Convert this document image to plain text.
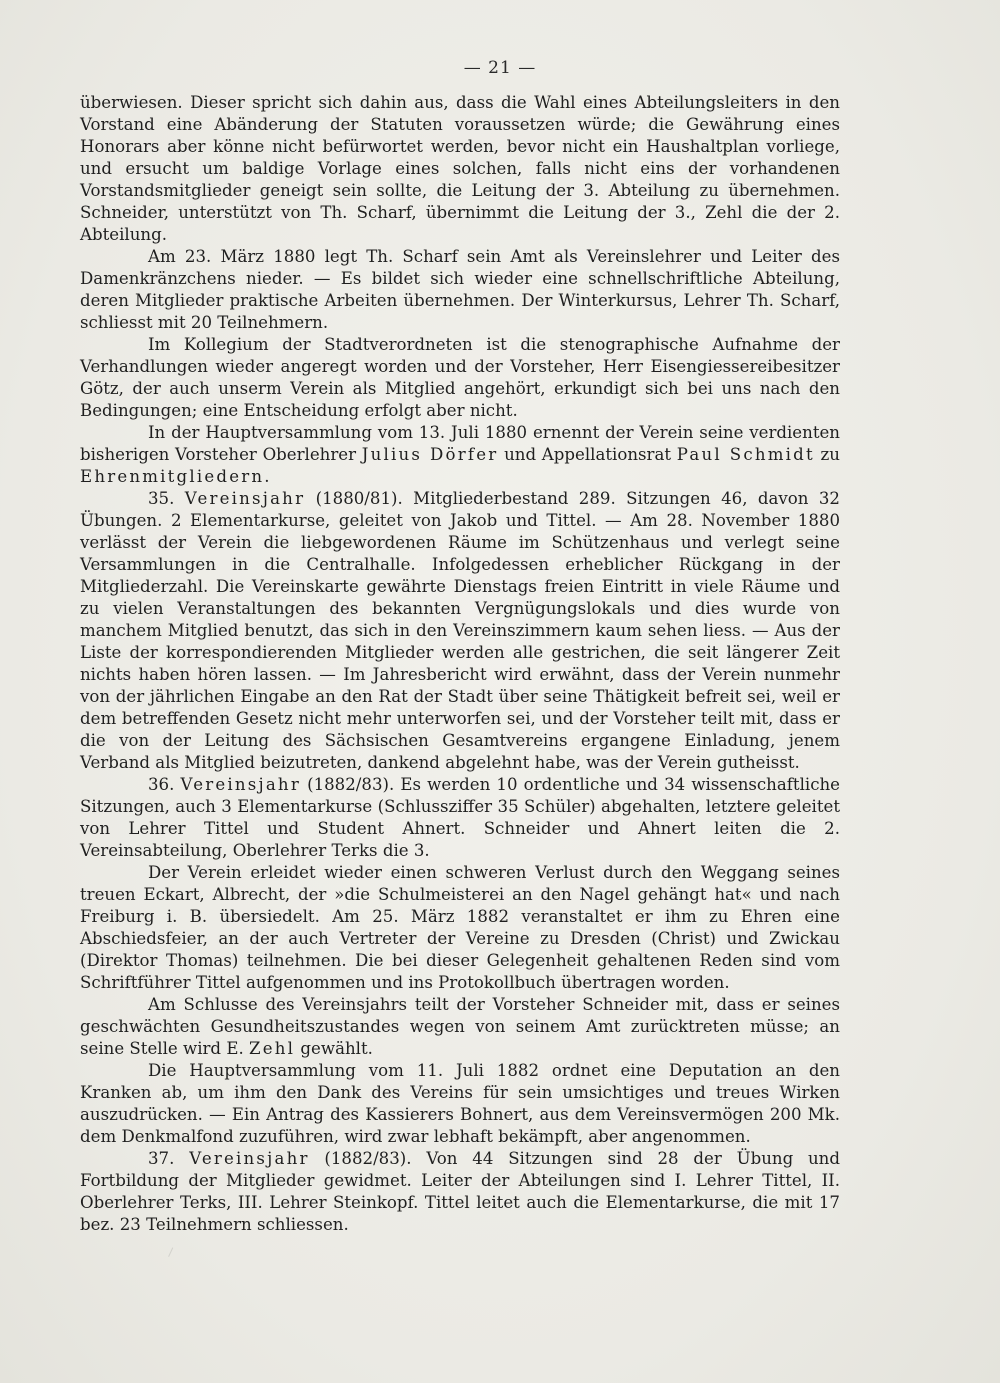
— 21 —

überwiesen. Dieser spricht sich dahin aus, dass die Wahl eines Abteilungsleiters in den Vorstand eine Abänderung der Statuten voraussetzen würde; die Gewährung eines Honorars aber könne nicht befürwortet werden, bevor nicht ein Haushaltplan vorliege, und ersucht um baldige Vorlage eines solchen, falls nicht eins der vorhandenen Vorstandsmitglieder geneigt sein sollte, die Leitung der 3. Abteilung zu übernehmen. Schneider, unterstützt von Th. Scharf, übernimmt die Leitung der 3., Zehl die der 2. Abteilung.

Am 23. März 1880 legt Th. Scharf sein Amt als Vereinslehrer und Leiter des Damenkränzchens nieder. — Es bildet sich wieder eine schnellschriftliche Abteilung, deren Mitglieder praktische Arbeiten übernehmen. Der Winterkursus, Lehrer Th. Scharf, schliesst mit 20 Teilnehmern.

Im Kollegium der Stadtverordneten ist die stenographische Aufnahme der Verhandlungen wieder angeregt worden und der Vorsteher, Herr Eisengiessereibesitzer Götz, der auch unserm Verein als Mitglied angehört, erkundigt sich bei uns nach den Bedingungen; eine Entscheidung erfolgt aber nicht.

In der Hauptversammlung vom 13. Juli 1880 ernennt der Verein seine verdienten bisherigen Vorsteher Oberlehrer Julius Dörfer und Appellationsrat Paul Schmidt zu Ehrenmitgliedern.

35. Vereinsjahr (1880/81). Mitgliederbestand 289. Sitzungen 46, davon 32 Übungen. 2 Elementarkurse, geleitet von Jakob und Tittel. — Am 28. November 1880 verlässt der Verein die liebgewordenen Räume im Schützenhaus und verlegt seine Versammlungen in die Centralhalle. Infolgedessen erheblicher Rückgang in der Mitgliederzahl. Die Vereinskarte gewährte Dienstags freien Eintritt in viele Räume und zu vielen Veranstaltungen des bekannten Vergnügungslokals und dies wurde von manchem Mitglied benutzt, das sich in den Vereinszimmern kaum sehen liess. — Aus der Liste der korrespondierenden Mitglieder werden alle gestrichen, die seit längerer Zeit nichts haben hören lassen. — Im Jahresbericht wird erwähnt, dass der Verein nunmehr von der jährlichen Eingabe an den Rat der Stadt über seine Thätigkeit befreit sei, weil er dem betreffenden Gesetz nicht mehr unterworfen sei, und der Vorsteher teilt mit, dass er die von der Leitung des Sächsischen Gesamtvereins ergangene Einladung, jenem Verband als Mitglied beizutreten, dankend abgelehnt habe, was der Verein gutheisst.

36. Vereinsjahr (1882/83). Es werden 10 ordentliche und 34 wissenschaftliche Sitzungen, auch 3 Elementarkurse (Schlussziffer 35 Schüler) abgehalten, letztere geleitet von Lehrer Tittel und Student Ahnert. Schneider und Ahnert leiten die 2. Vereinsabteilung, Oberlehrer Terks die 3.

Der Verein erleidet wieder einen schweren Verlust durch den Weggang seines treuen Eckart, Albrecht, der »die Schulmeisterei an den Nagel gehängt hat« und nach Freiburg i. B. übersiedelt. Am 25. März 1882 veranstaltet er ihm zu Ehren eine Abschiedsfeier, an der auch Vertreter der Vereine zu Dresden (Christ) und Zwickau (Direktor Thomas) teilnehmen. Die bei dieser Gelegenheit gehaltenen Reden sind vom Schriftführer Tittel aufgenommen und ins Protokollbuch übertragen worden.

Am Schlusse des Vereinsjahrs teilt der Vorsteher Schneider mit, dass er seines geschwächten Gesundheitszustandes wegen von seinem Amt zurücktreten müsse; an seine Stelle wird E. Zehl gewählt.

Die Hauptversammlung vom 11. Juli 1882 ordnet eine Deputation an den Kranken ab, um ihm den Dank des Vereins für sein umsichtiges und treues Wirken auszudrücken. — Ein Antrag des Kassierers Bohnert, aus dem Vereinsvermögen 200 Mk. dem Denkmalfond zuzuführen, wird zwar lebhaft bekämpft, aber angenommen.

37. Vereinsjahr (1882/83). Von 44 Sitzungen sind 28 der Übung und Fortbildung der Mitglieder gewidmet. Leiter der Abteilungen sind I. Lehrer Tittel, II. Oberlehrer Terks, III. Lehrer Steinkopf. Tittel leitet auch die Elementarkurse, die mit 17 bez. 23 Teilnehmern schliessen.
